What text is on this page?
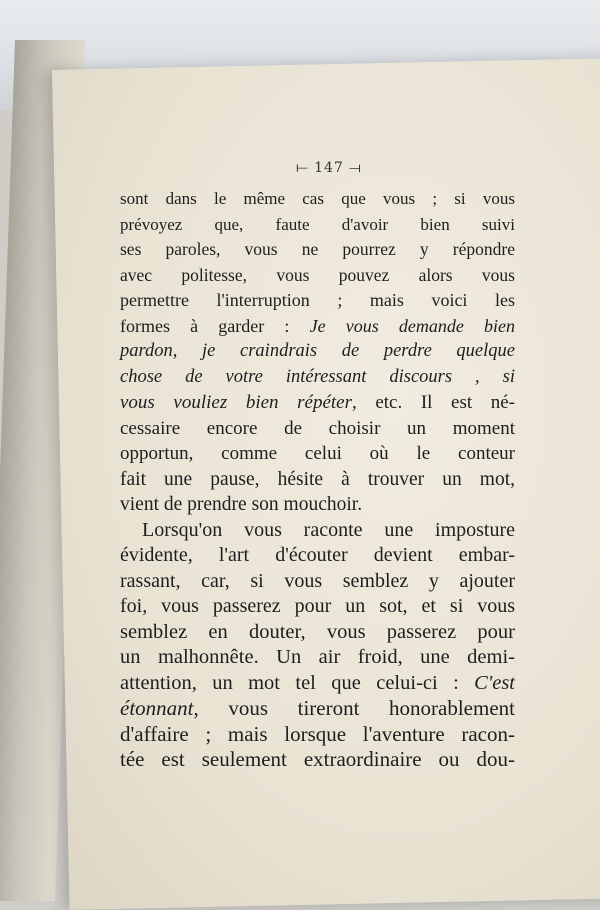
⟝ 147 ⟞
sont dans le même cas que vous ; si vous
prévoyez que, faute d'avoir bien suivi
ses paroles, vous ne pourrez y répondre
avec politesse, vous pouvez alors vous
permettre l'interruption ; mais voici les
formes à garder : Je vous demande bien
pardon, je craindrais de perdre quelque
chose de votre intéressant discours , si
vous vouliez bien répéter, etc. Il est né-
cessaire encore de choisir un moment
opportun, comme celui où le conteur
fait une pause, hésite à trouver un mot,
vient de prendre son mouchoir.
Lorsqu'on vous raconte une imposture
évidente, l'art d'écouter devient embar-
rassant, car, si vous semblez y ajouter
foi, vous passerez pour un sot, et si vous
semblez en douter, vous passerez pour
un malhonnête. Un air froid, une demi-
attention, un mot tel que celui-ci : C'est
étonnant, vous tireront honorablement
d'affaire ; mais lorsque l'aventure racon-
tée est seulement extraordinaire ou dou-
